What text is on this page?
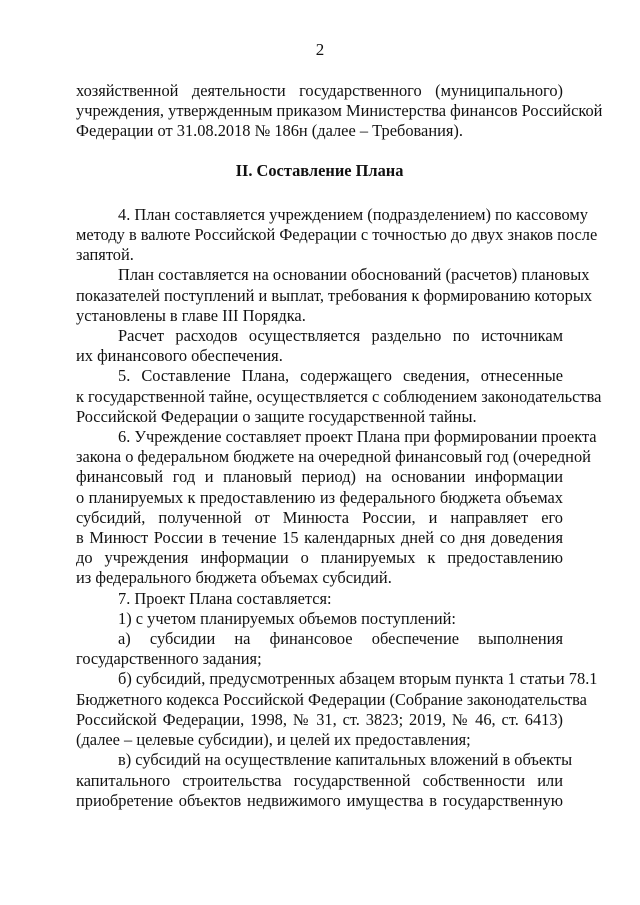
2
хозяйственной деятельности государственного (муниципального)
учреждения, утвержденным приказом Министерства финансов Российской
Федерации от 31.08.2018 № 186н (далее – Требования).
II. Составление Плана
4. План составляется учреждением (подразделением) по кассовому
методу в валюте Российской Федерации с точностью до двух знаков после
запятой.
План составляется на основании обоснований (расчетов) плановых
показателей поступлений и выплат, требования к формированию которых
установлены в главе III Порядка.
Расчет расходов осуществляется раздельно по источникам
их финансового обеспечения.
5. Составление Плана, содержащего сведения, отнесенные
к государственной тайне, осуществляется с соблюдением законодательства
Российской Федерации о защите государственной тайны.
6. Учреждение составляет проект Плана при формировании проекта
закона о федеральном бюджете на очередной финансовый год (очередной
финансовый год и плановый период) на основании информации
о планируемых к предоставлению из федерального бюджета объемах
субсидий, полученной от Минюста России, и направляет его
в Минюст России в течение 15 календарных дней со дня доведения
до учреждения информации о планируемых к предоставлению
из федерального бюджета объемах субсидий.
7. Проект Плана составляется:
1) с учетом планируемых объемов поступлений:
а) субсидии на финансовое обеспечение выполнения
государственного задания;
б) субсидий, предусмотренных абзацем вторым пункта 1 статьи 78.1
Бюджетного кодекса Российской Федерации (Собрание законодательства
Российской Федерации, 1998, № 31, ст. 3823; 2019, № 46, ст. 6413)
(далее – целевые субсидии), и целей их предоставления;
в) субсидий на осуществление капитальных вложений в объекты
капитального строительства государственной собственности или
приобретение объектов недвижимого имущества в государственную
